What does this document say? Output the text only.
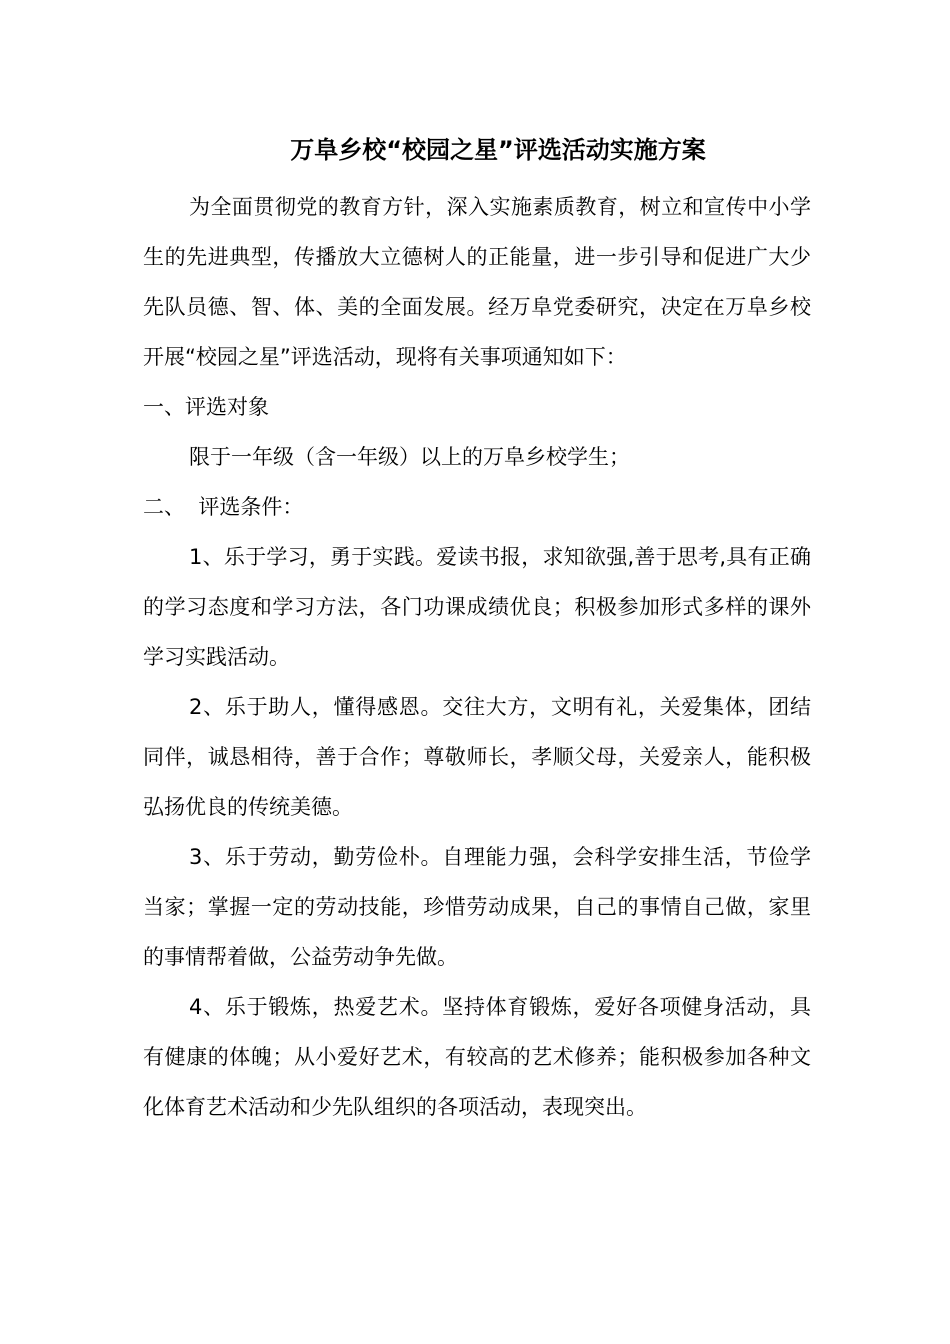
万阜乡校“校园之星”评选活动实施方案

为全面贯彻党的教育方针，深入实施素质教育，树立和宣传中小学生的先进典型，传播放大立德树人的正能量，进一步引导和促进广大少先队员德、智、体、美的全面发展。经万阜党委研究，决定在万阜乡校开展“校园之星”评选活动，现将有关事项通知如下：

一、评选对象

限于一年级（含一年级）以上的万阜乡校学生；

二、  评选条件：

1、乐于学习，勇于实践。爱读书报，求知欲强,善于思考,具有正确的学习态度和学习方法，各门功课成绩优良；积极参加形式多样的课外学习实践活动。

2、乐于助人，懂得感恩。交往大方，文明有礼，关爱集体，团结同伴，诚恳相待，善于合作；尊敬师长，孝顺父母，关爱亲人，能积极弘扬优良的传统美德。

3、乐于劳动，勤劳俭朴。自理能力强，会科学安排生活，节俭学当家；掌握一定的劳动技能，珍惜劳动成果，自己的事情自己做，家里的事情帮着做，公益劳动争先做。

4、乐于锻炼，热爱艺术。坚持体育锻炼，爱好各项健身活动，具有健康的体魄；从小爱好艺术，有较高的艺术修养；能积极参加各种文化体育艺术活动和少先队组织的各项活动，表现突出。
